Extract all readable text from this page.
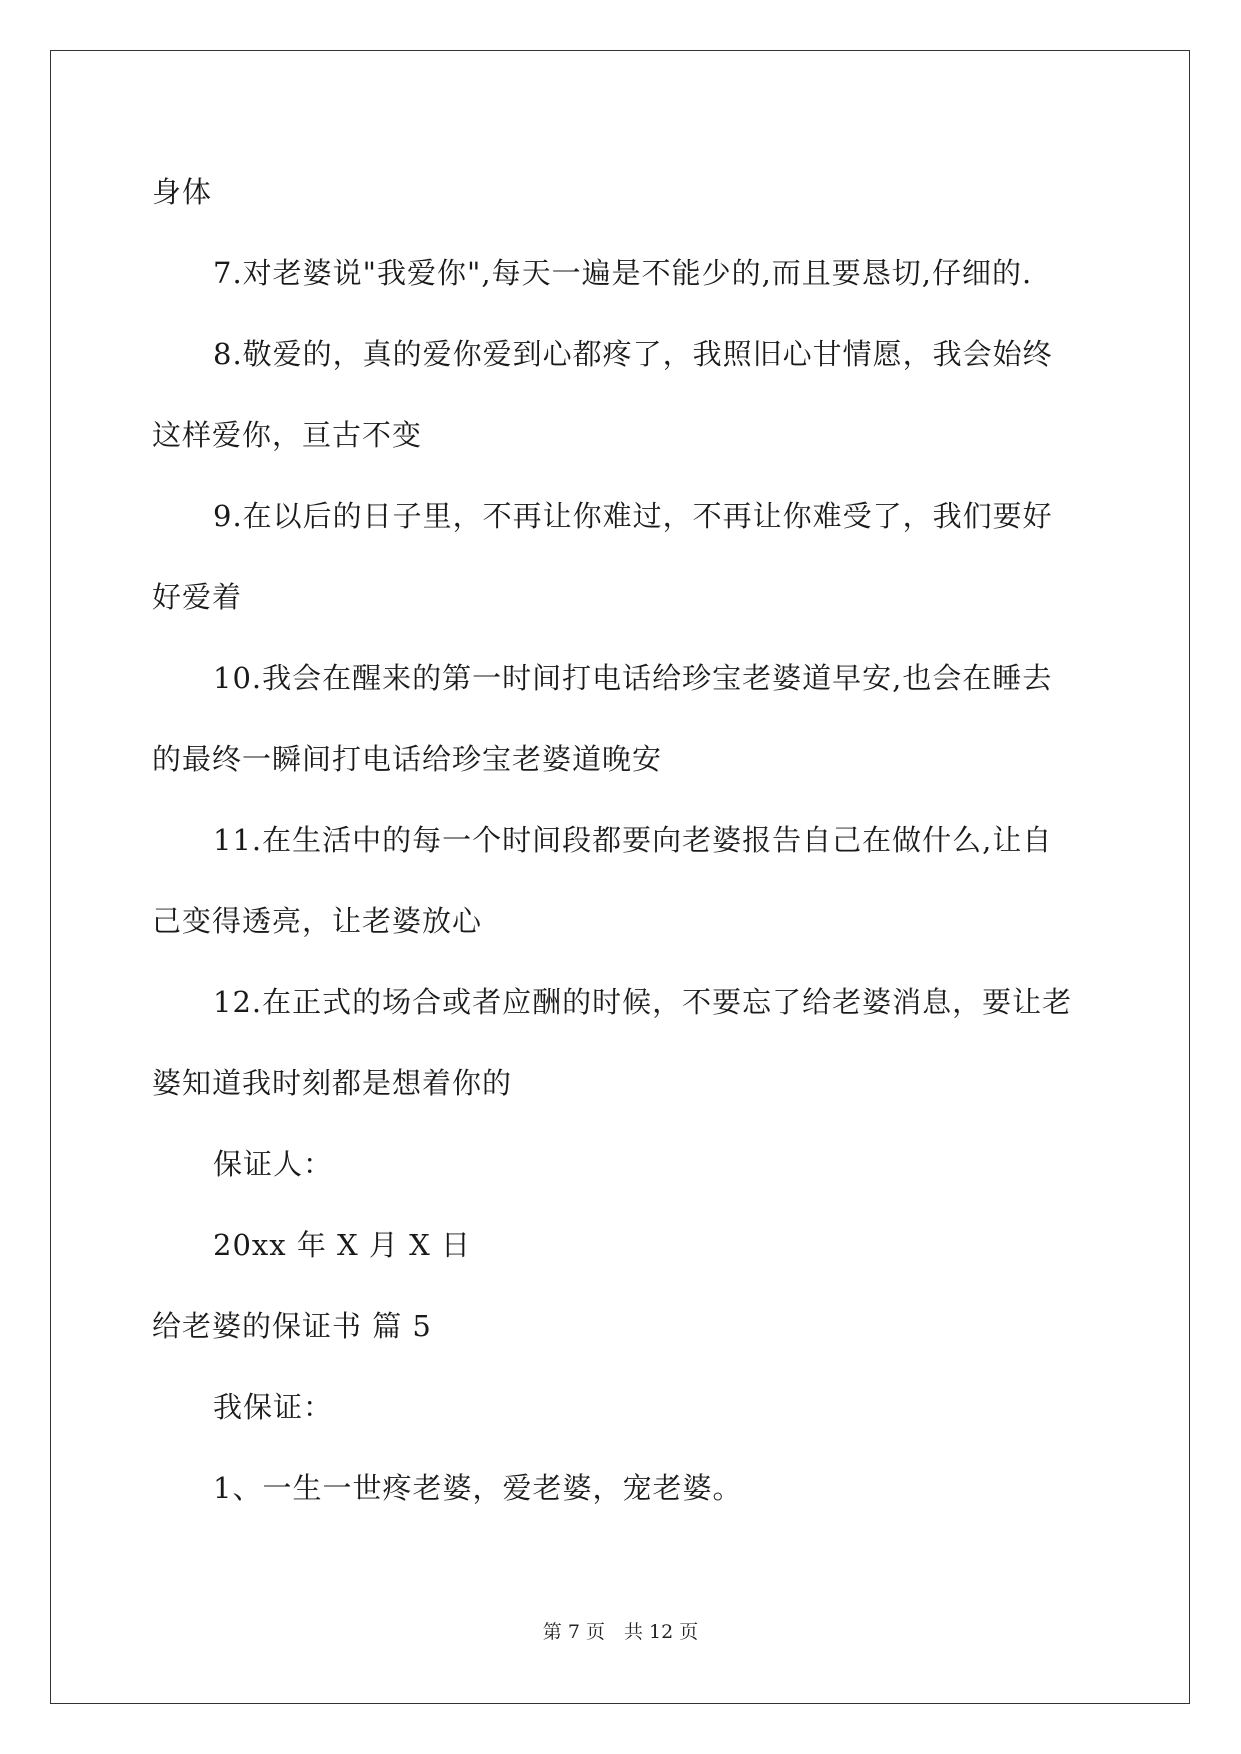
身体
7.对老婆说"我爱你",每天一遍是不能少的,而且要恳切,仔细的.
8.敬爱的，真的爱你爱到心都疼了，我照旧心甘情愿，我会始终
这样爱你，亘古不变
9.在以后的日子里，不再让你难过，不再让你难受了，我们要好
好爱着
10.我会在醒来的第一时间打电话给珍宝老婆道早安,也会在睡去
的最终一瞬间打电话给珍宝老婆道晚安
11.在生活中的每一个时间段都要向老婆报告自己在做什么,让自
己变得透亮，让老婆放心
12.在正式的场合或者应酬的时候，不要忘了给老婆消息，要让老
婆知道我时刻都是想着你的
保证人：
20xx 年 X 月 X 日
给老婆的保证书 篇 5
我保证：
1、一生一世疼老婆，爱老婆，宠老婆。
第 7 页　共 12 页
